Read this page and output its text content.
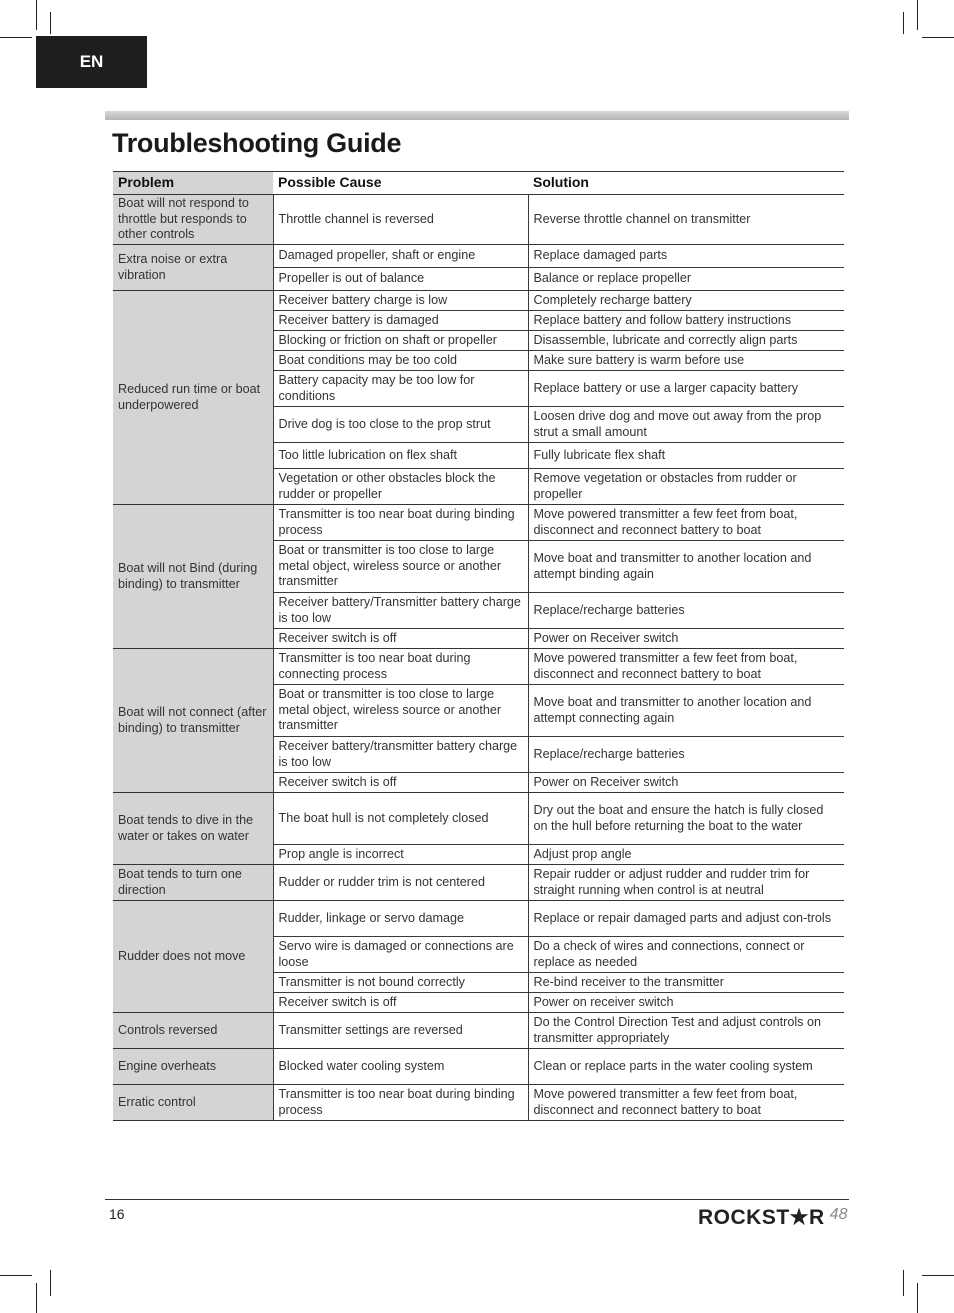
EN
Troubleshooting Guide
Problem	Possible Cause	Solution
Boat will not respond to throttle but responds to other controls	Throttle channel is reversed	Reverse throttle channel on transmitter
Extra noise or extra vibration	Damaged propeller, shaft or engine	Replace damaged parts
	Propeller is out of balance	Balance or replace propeller
Reduced run time or boat underpowered	Receiver battery charge is low	Completely recharge battery
	Receiver battery is damaged	Replace battery and follow battery instructions
	Blocking or friction on shaft or propeller	Disassemble, lubricate and correctly align parts
	Boat conditions may be too cold	Make sure battery is warm before use
	Battery capacity may be too low for conditions	Replace battery or use a larger capacity battery
	Drive dog is too close to the prop strut	Loosen drive dog and move out away from the prop strut a small amount
	Too little lubrication on flex shaft	Fully lubricate flex shaft
	Vegetation or other obstacles block the rudder or propeller	Remove vegetation or obstacles from rudder or propeller
Boat will not Bind (during binding) to transmitter	Transmitter is too near boat during binding process	Move powered transmitter a few feet from boat, disconnect and reconnect battery to boat
	Boat or transmitter is too close to large metal object, wireless source or another transmitter	Move boat and transmitter to another location and attempt binding again
	Receiver battery/Transmitter battery charge is too low	Replace/recharge batteries
	Receiver switch is off	Power on Receiver switch
Boat will not connect (after binding) to transmitter	Transmitter is too near boat during connecting process	Move powered transmitter a few feet from boat, disconnect and reconnect battery to boat
	Boat or transmitter is too close to large metal object, wireless source or another transmitter	Move boat and transmitter to another location and attempt connecting again
	Receiver battery/transmitter battery charge is too low	Replace/recharge batteries
	Receiver switch is off	Power on Receiver switch
Boat tends to dive in the water or takes on water	The boat hull is not completely closed	Dry out the boat and ensure the hatch is fully closed on the hull before returning the boat to the water
	Prop angle is incorrect	Adjust prop angle
Boat tends to turn one direction	Rudder or rudder trim is not centered	Repair rudder or adjust rudder and rudder trim for straight running when control is at neutral
Rudder does not move	Rudder, linkage or servo damage	Replace or repair damaged parts and adjust con-trols
	Servo wire is damaged or connections are loose	Do a check of wires and connections, connect or replace as needed
	Transmitter is not bound correctly	Re-bind receiver to the transmitter
	Receiver switch is off	Power on receiver switch
Controls reversed	Transmitter settings are reversed	Do the Control Direction Test and adjust controls on transmitter appropriately
Engine overheats	Blocked water cooling system	Clean or replace parts in the water cooling system
Erratic control	Transmitter is too near boat during binding process	Move powered transmitter a few feet from boat, disconnect and reconnect battery to boat
16	ROCKST★R 48
